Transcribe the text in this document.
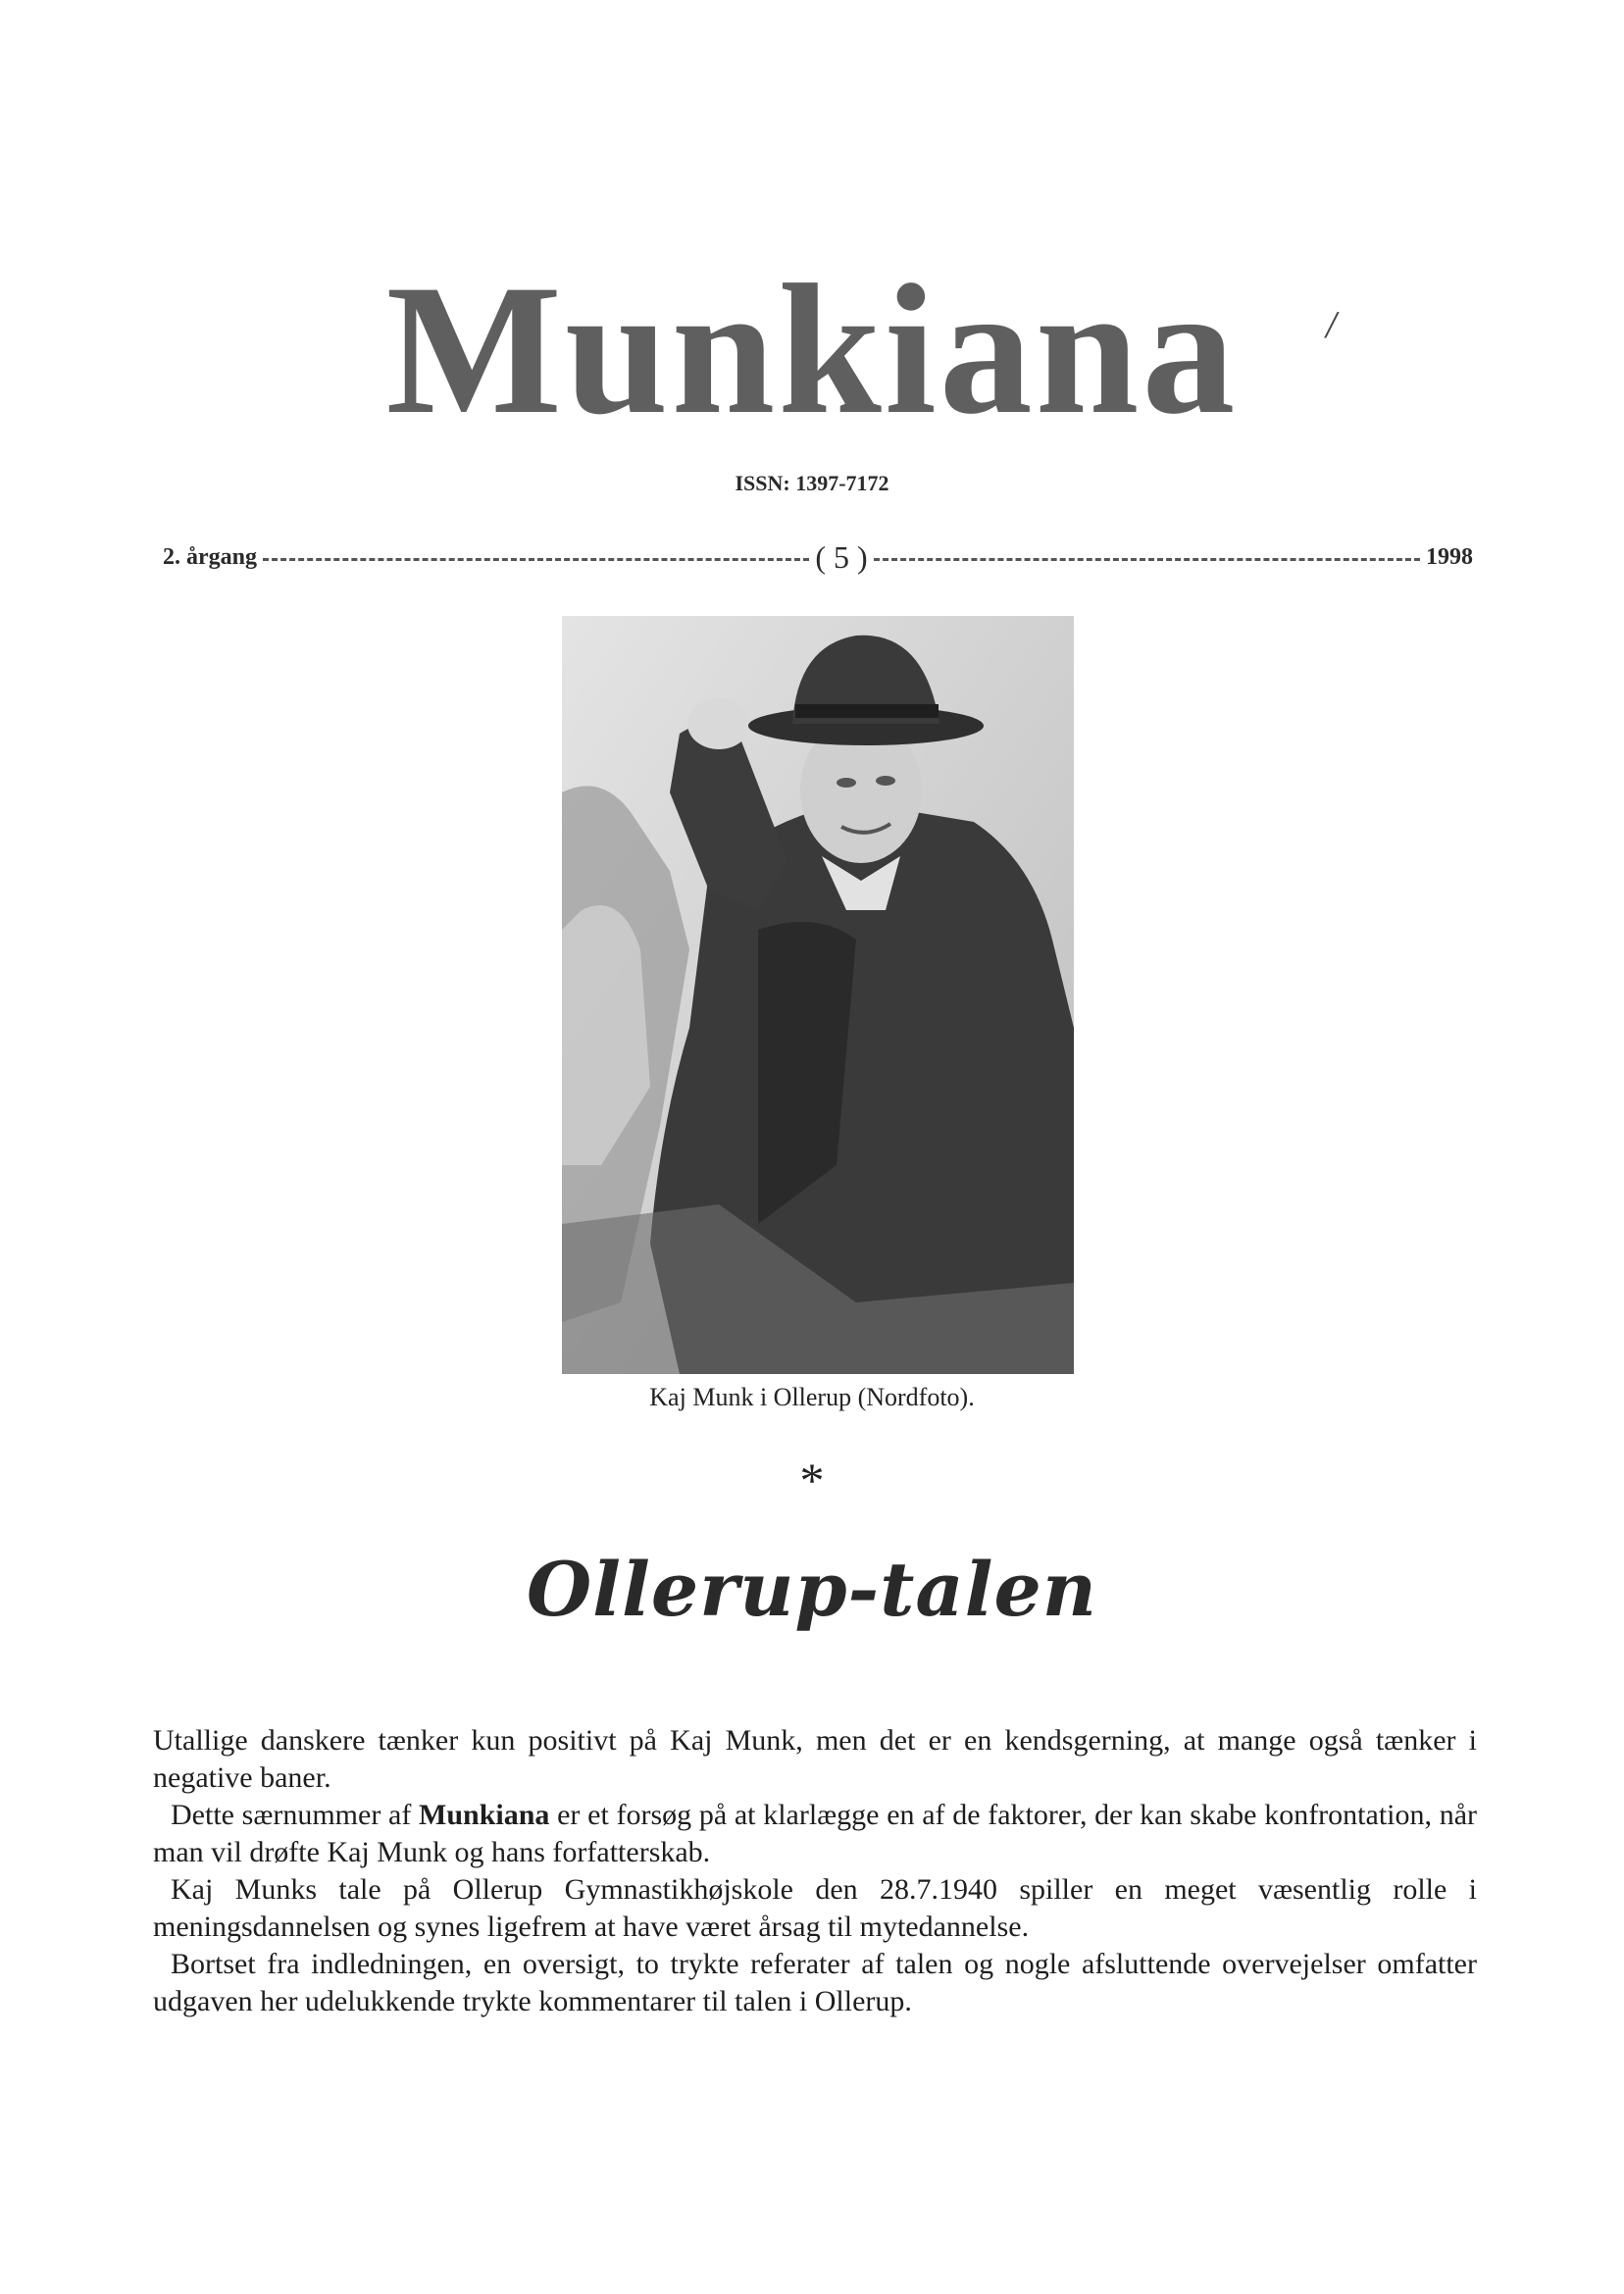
Munkiana	/
ISSN: 1397-7172
2. årgang	( 5 )	1998
Kaj Munk i Ollerup (Nordfoto).
*
Ollerup-talen

Utallige danskere tænker kun positivt på Kaj Munk, men det er en kendsgerning, at mange også tænker i negative baner.

Dette særnummer af Munkiana er et forsøg på at klarlægge en af de faktorer, der kan skabe konfrontation, når man vil drøfte Kaj Munk og hans forfatterskab.

Kaj Munks tale på Ollerup Gymnastikhøjskole den 28.7.1940 spiller en meget væsentlig rolle i meningsdannelsen og synes ligefrem at have været årsag til mytedannelse.

Bortset fra indledningen, en oversigt, to trykte referater af talen og nogle afsluttende overvejelser omfatter udgaven her udelukkende trykte kommentarer til talen i Ollerup.
